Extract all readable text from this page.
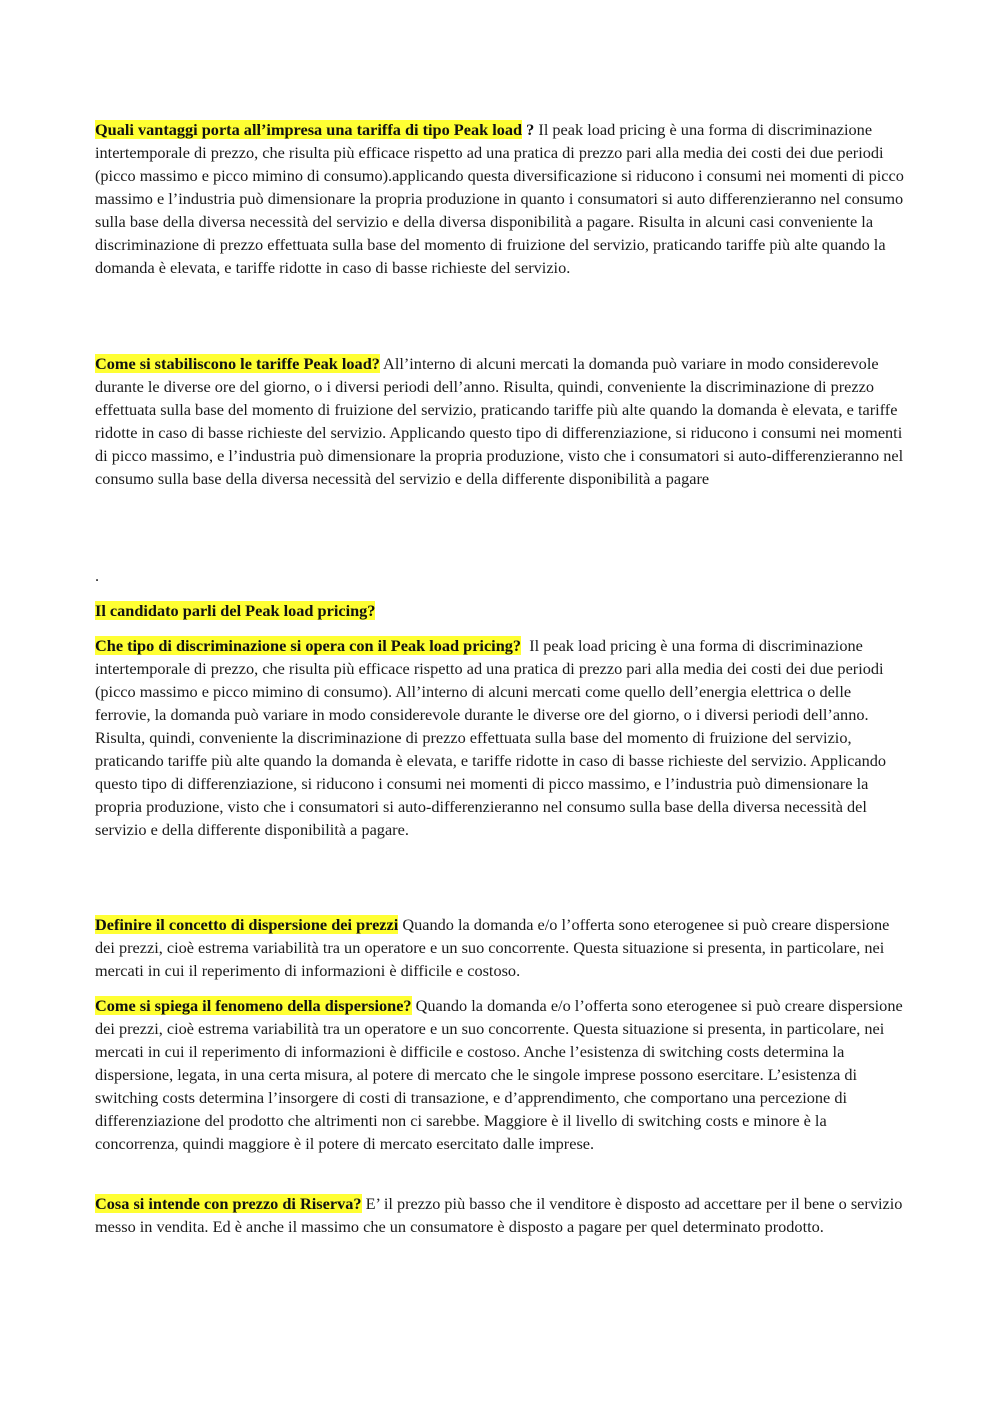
Quali vantaggi porta all’impresa una tariffa di tipo Peak load ? Il peak load pricing è una forma di discriminazione intertemporale di prezzo, che risulta più efficace rispetto ad una pratica di prezzo pari alla media dei costi dei due periodi (picco massimo e picco mimino di consumo).applicando questa diversificazione si riducono i consumi nei momenti di picco massimo e l’industria può dimensionare la propria produzione in quanto i consumatori si auto differenzieranno nel consumo sulla base della diversa necessità del servizio e della diversa disponibilità a pagare. Risulta in alcuni casi conveniente la discriminazione di prezzo effettuata sulla base del momento di fruizione del servizio, praticando tariffe più alte quando la domanda è elevata, e tariffe ridotte in caso di basse richieste del servizio.

Come si stabiliscono le tariffe Peak load? All’interno di alcuni mercati la domanda può variare in modo considerevole durante le diverse ore del giorno, o i diversi periodi dell’anno. Risulta, quindi, conveniente la discriminazione di prezzo effettuata sulla base del momento di fruizione del servizio, praticando tariffe più alte quando la domanda è elevata, e tariffe ridotte in caso di basse richieste del servizio. Applicando questo tipo di differenziazione, si riducono i consumi nei momenti di picco massimo, e l’industria può dimensionare la propria produzione, visto che i consumatori si auto-differenzieranno nel consumo sulla base della diversa necessità del servizio e della differente disponibilità a pagare

.

Il candidato parli del Peak load pricing?

Che tipo di discriminazione si opera con il Peak load pricing?  Il peak load pricing è una forma di discriminazione intertemporale di prezzo, che risulta più efficace rispetto ad una pratica di prezzo pari alla media dei costi dei due periodi (picco massimo e picco mimino di consumo). All’interno di alcuni mercati come quello dell’energia elettrica o delle ferrovie, la domanda può variare in modo considerevole durante le diverse ore del giorno, o i diversi periodi dell’anno. Risulta, quindi, conveniente la discriminazione di prezzo effettuata sulla base del momento di fruizione del servizio, praticando tariffe più alte quando la domanda è elevata, e tariffe ridotte in caso di basse richieste del servizio. Applicando questo tipo di differenziazione, si riducono i consumi nei momenti di picco massimo, e l’industria può dimensionare la propria produzione, visto che i consumatori si auto-differenzieranno nel consumo sulla base della diversa necessità del servizio e della differente disponibilità a pagare.

Definire il concetto di dispersione dei prezzi Quando la domanda e/o l’offerta sono eterogenee si può creare dispersione dei prezzi, cioè estrema variabilità tra un operatore e un suo concorrente. Questa situazione si presenta, in particolare, nei mercati in cui il reperimento di informazioni è difficile e costoso.

Come si spiega il fenomeno della dispersione? Quando la domanda e/o l’offerta sono eterogenee si può creare dispersione dei prezzi, cioè estrema variabilità tra un operatore e un suo concorrente. Questa situazione si presenta, in particolare, nei mercati in cui il reperimento di informazioni è difficile e costoso. Anche l’esistenza di switching costs determina la dispersione, legata, in una certa misura, al potere di mercato che le singole imprese possono esercitare. L’esistenza di switching costs determina l’insorgere di costi di transazione, e d’apprendimento, che comportano una percezione di differenziazione del prodotto che altrimenti non ci sarebbe. Maggiore è il livello di switching costs e minore è la concorrenza, quindi maggiore è il potere di mercato esercitato dalle imprese.

Cosa si intende con prezzo di Riserva? E’ il prezzo più basso che il venditore è disposto ad accettare per il bene o servizio messo in vendita. Ed è anche il massimo che un consumatore è disposto a pagare per quel determinato prodotto.
